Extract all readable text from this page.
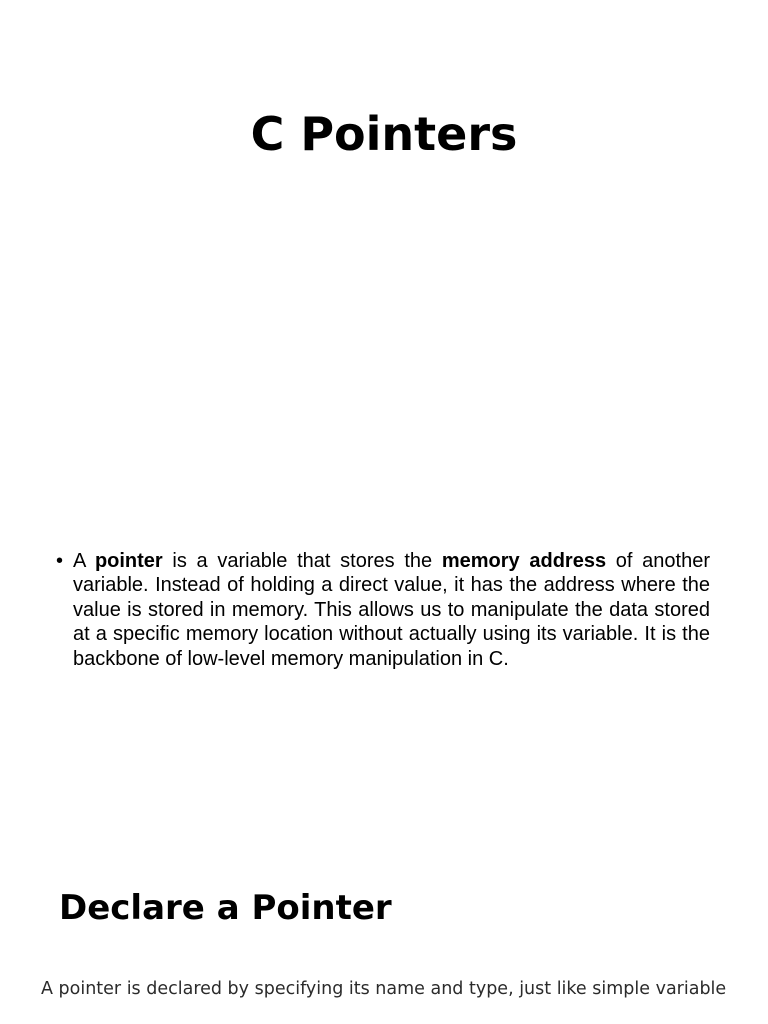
C Pointers
• A pointer is a variable that stores the memory address of another variable. Instead of holding a direct value, it has the address where the value is stored in memory. This allows us to manipulate the data stored at a specific memory location without actually using its variable. It is the backbone of low-level memory manipulation in C.
Declare a Pointer
A pointer is declared by specifying its name and type, just like simple variable
